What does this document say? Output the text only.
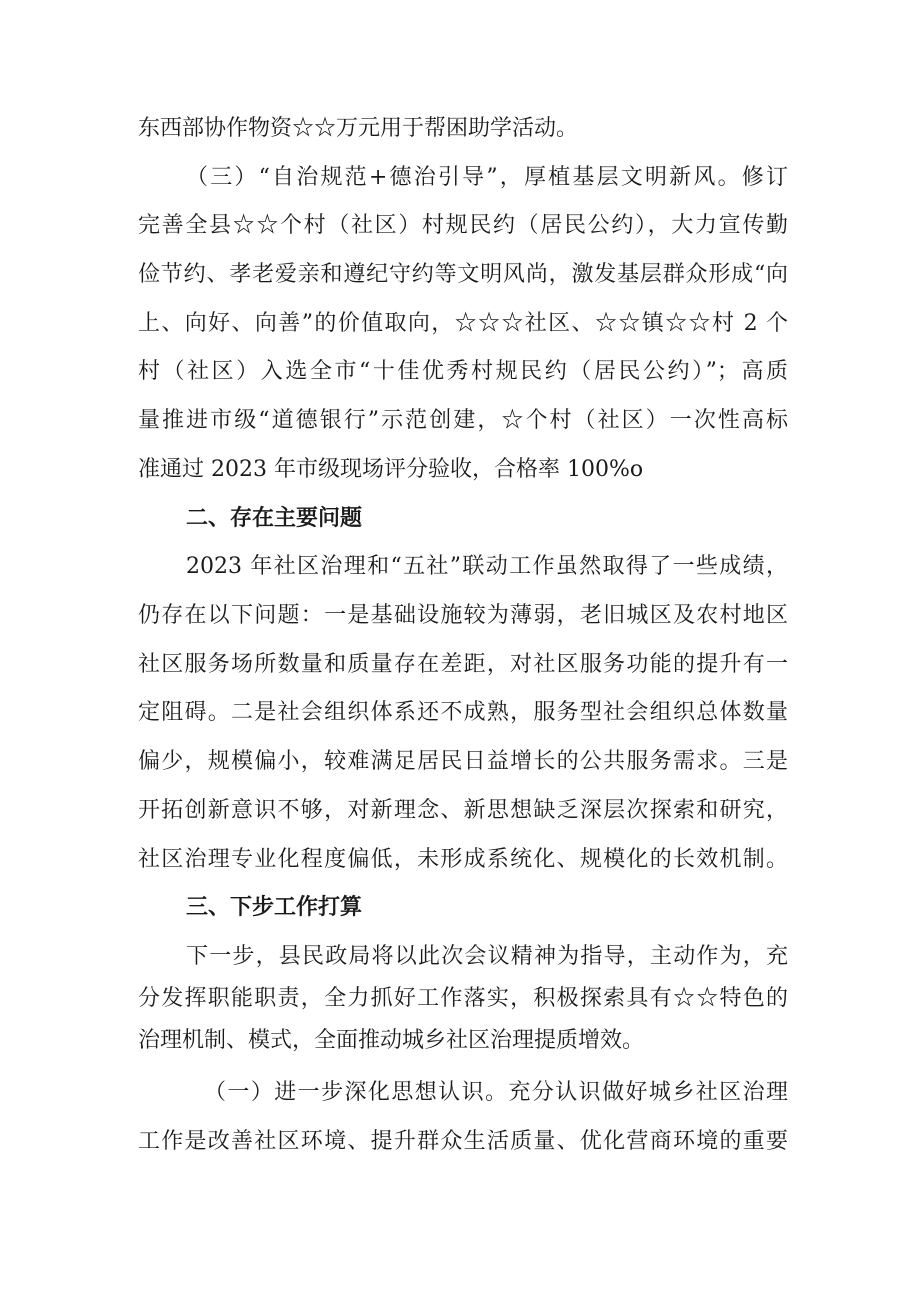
东西部协作物资☆☆万元用于帮困助学活动。
（三）“自治规范+德治引导”，厚植基层文明新风。修订
完善全县☆☆个村（社区）村规民约（居民公约），大力宣传勤
俭节约、孝老爱亲和遵纪守约等文明风尚，激发基层群众形成“向
上、向好、向善”的价值取向，☆☆☆社区、☆☆镇☆☆村 2 个
村（社区）入选全市“十佳优秀村规民约（居民公约）”；高质
量推进市级“道德银行”示范创建，☆个村（社区）一次性高标
准通过 2023 年市级现场评分验收，合格率 100%o
二、存在主要问题
2023 年社区治理和“五社”联动工作虽然取得了一些成绩，
仍存在以下问题：一是基础设施较为薄弱，老旧城区及农村地区
社区服务场所数量和质量存在差距，对社区服务功能的提升有一
定阻碍。二是社会组织体系还不成熟，服务型社会组织总体数量
偏少，规模偏小，较难满足居民日益增长的公共服务需求。三是
开拓创新意识不够，对新理念、新思想缺乏深层次探索和研究，
社区治理专业化程度偏低，未形成系统化、规模化的长效机制。
三、下步工作打算
下一步，县民政局将以此次会议精神为指导，主动作为，充
分发挥职能职责，全力抓好工作落实，积极探索具有☆☆特色的
治理机制、模式，全面推动城乡社区治理提质增效。
（一）进一步深化思想认识。充分认识做好城乡社区治理
工作是改善社区环境、提升群众生活质量、优化营商环境的重要
